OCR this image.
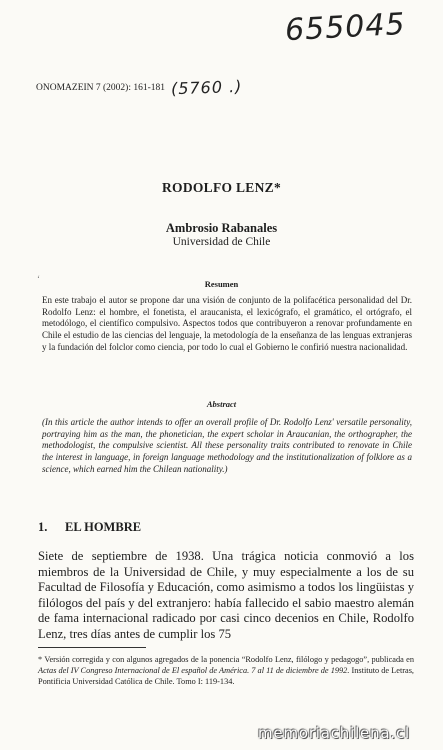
655045
ONOMAZEIN 7 (2002): 161-181 (5760 .)
‘
RODOLFO LENZ*
Ambrosio Rabanales
Universidad de Chile
Resumen
En este trabajo el autor se propone dar una visión de conjunto de la polifacética personalidad del Dr. Rodolfo Lenz: el hombre, el fonetista, el araucanista, el lexicógrafo, el gramático, el ortógrafo, el metodólogo, el científico compulsivo. Aspectos todos que contribuyeron a renovar profundamente en Chile el estudio de las ciencias del lenguaje, la metodología de la enseñanza de las lenguas extranjeras y la fundación del folclor como ciencia, por todo lo cual el Gobierno le confirió nuestra nacionalidad.
Abstract
(In this article the author intends to offer an overall profile of Dr. Rodolfo Lenz' versatile personality, portraying him as the man, the phonetician, the expert scholar in Araucanian, the orthographer, the methodologist, the compulsive scientist. All these personality traits contributed to renovate in Chile the interest in language, in foreign language methodology and the institutionalization of folklore as a science, which earned him the Chilean nationality.)
1. EL HOMBRE
Siete de septiembre de 1938. Una trágica noticia conmovió a los miembros de la Universidad de Chile, y muy especialmente a los de su Facultad de Filosofía y Educación, como asimismo a todos los lingüistas y filólogos del país y del extranjero: había fallecido el sabio maestro alemán de fama internacional radicado por casi cinco decenios en Chile, Rodolfo Lenz, tres días antes de cumplir los 75
* Versión corregida y con algunos agregados de la ponencia “Rodolfo Lenz, filólogo y pedagogo”, publicada en Actas del IV Congreso Internacional de El español de América. 7 al 11 de diciembre de 1992. Instituto de Letras, Pontificia Universidad Católica de Chile. Tomo I: 119-134.
memoriachilena.cl
